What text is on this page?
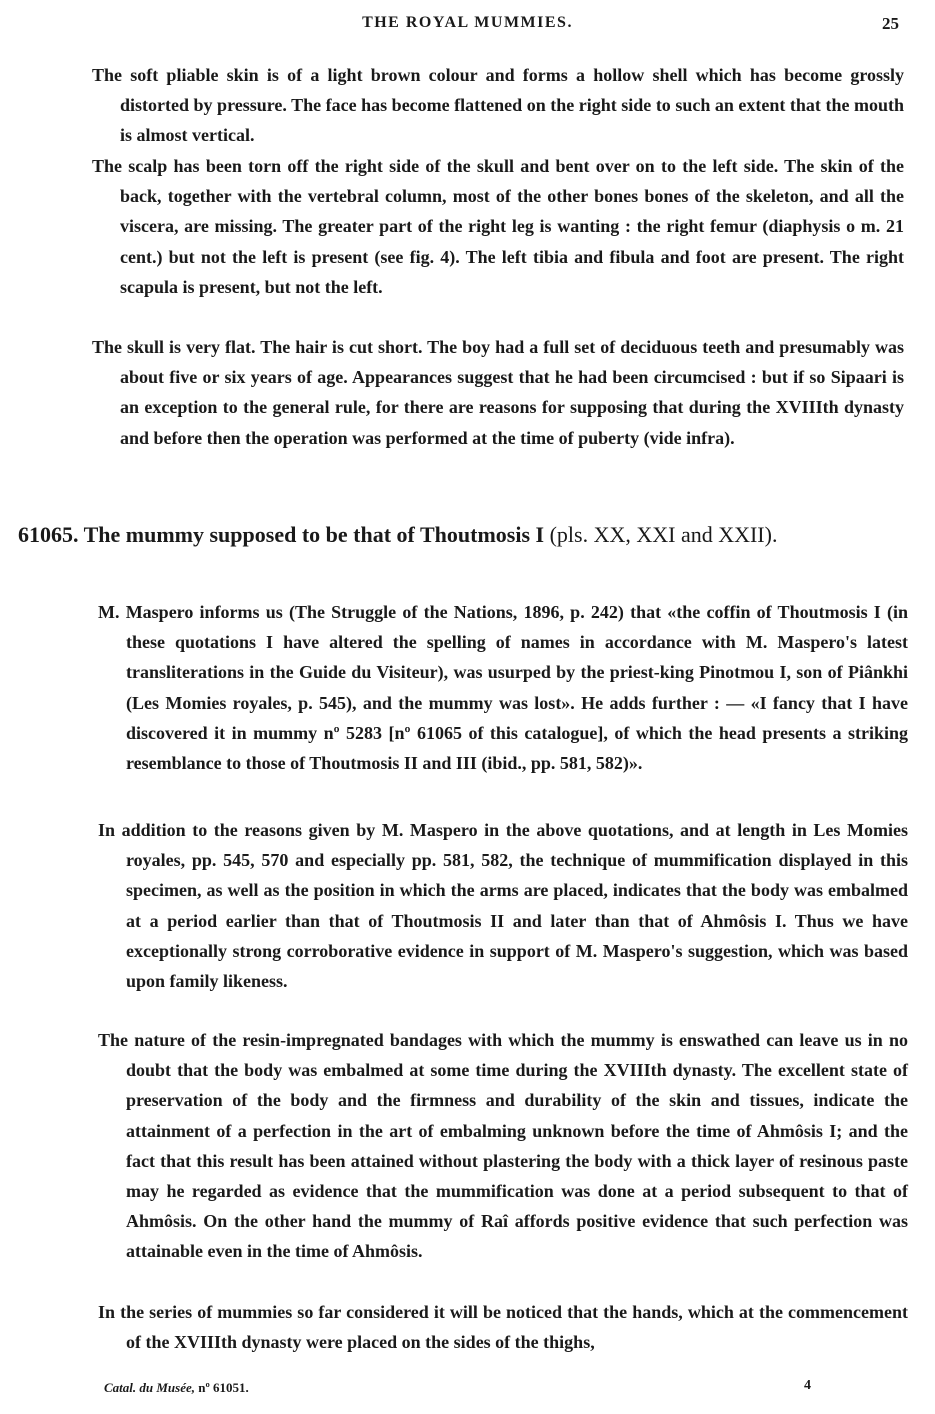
THE ROYAL MUMMIES.	25

The soft pliable skin is of a light brown colour and forms a hollow shell which has become grossly distorted by pressure. The face has become flattened on the right side to such an extent that the mouth is almost vertical.

The scalp has been torn off the right side of the skull and bent over on to the left side. The skin of the back, together with the vertebral column, most of the other bones bones of the skeleton, and all the viscera, are missing. The greater part of the right leg is wanting : the right femur (diaphysis o m. 21 cent.) but not the left is present (see fig. 4). The left tibia and fibula and foot are present. The right scapula is present, but not the left.

The skull is very flat. The hair is cut short. The boy had a full set of deciduous teeth and presumably was about five or six years of age. Appearances suggest that he had been circumcised : but if so Sipaari is an exception to the general rule, for there are reasons for supposing that during the XVIIIth dynasty and before then the operation was performed at the time of puberty (vide infra).

61065. The mummy supposed to be that of Thoutmosis I (pls. XX, XXI and XXII).

M. Maspero informs us (The Struggle of the Nations, 1896, p. 242) that «the coffin of Thoutmosis I (in these quotations I have altered the spelling of names in accordance with M. Maspero's latest transliterations in the Guide du Visiteur), was usurped by the priest-king Pinotmou I, son of Piânkhi (Les Momies royales, p. 545), and the mummy was lost». He adds further : — «I fancy that I have discovered it in mummy nº 5283 [nº 61065 of this catalogue], of which the head presents a striking resemblance to those of Thoutmosis II and III (ibid., pp. 581, 582)».

In addition to the reasons given by M. Maspero in the above quotations, and at length in Les Momies royales, pp. 545, 570 and especially pp. 581, 582, the technique of mummification displayed in this specimen, as well as the position in which the arms are placed, indicates that the body was embalmed at a period earlier than that of Thoutmosis II and later than that of Ahmôsis I. Thus we have exceptionally strong corroborative evidence in support of M. Maspero's suggestion, which was based upon family likeness.

The nature of the resin-impregnated bandages with which the mummy is enswathed can leave us in no doubt that the body was embalmed at some time during the XVIIIth dynasty. The excellent state of preservation of the body and the firmness and durability of the skin and tissues, indicate the attainment of a perfection in the art of embalming unknown before the time of Ahmôsis I; and the fact that this result has been attained without plastering the body with a thick layer of resinous paste may he regarded as evidence that the mummification was done at a period subsequent to that of Ahmôsis. On the other hand the mummy of Raî affords positive evidence that such perfection was attainable even in the time of Ahmôsis.

In the series of mummies so far considered it will be noticed that the hands, which at the commencement of the XVIIIth dynasty were placed on the sides of the thighs,

Catal. du Musée, nº 61051.	4
